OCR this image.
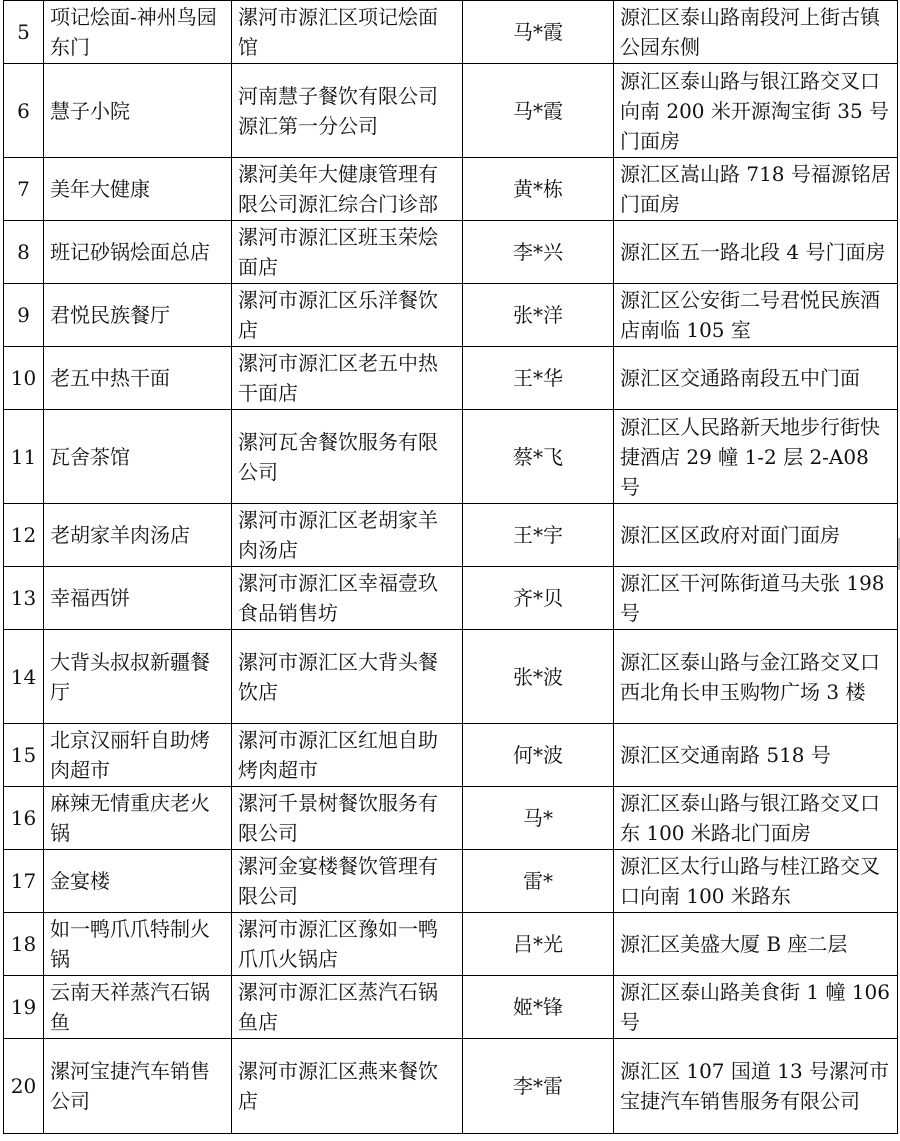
5	项记烩面-神州鸟园东门	漯河市源汇区项记烩面馆	马*霞	源汇区泰山路南段河上街古镇公园东侧
6	慧子小院	河南慧子餐饮有限公司源汇第一分公司	马*霞	源汇区泰山路与银江路交叉口向南 200 米开源淘宝街 35 号门面房
7	美年大健康	漯河美年大健康管理有限公司源汇综合门诊部	黄*栋	源汇区嵩山路 718 号福源铭居门面房
8	班记砂锅烩面总店	漯河市源汇区班玉荣烩面店	李*兴	源汇区五一路北段 4 号门面房
9	君悦民族餐厅	漯河市源汇区乐洋餐饮店	张*洋	源汇区公安街二号君悦民族酒店南临 105 室
10	老五中热干面	漯河市源汇区老五中热干面店	王*华	源汇区交通路南段五中门面
11	瓦舍茶馆	漯河瓦舍餐饮服务有限公司	蔡*飞	源汇区人民路新天地步行街快捷酒店 29 幢 1-2 层 2-A08 号
12	老胡家羊肉汤店	漯河市源汇区老胡家羊肉汤店	王*宇	源汇区区政府对面门面房
13	幸福西饼	漯河市源汇区幸福壹玖食品销售坊	齐*贝	源汇区干河陈街道马夫张 198 号
14	大背头叔叔新疆餐厅	漯河市源汇区大背头餐饮店	张*波	源汇区泰山路与金江路交叉口西北角长申玉购物广场 3 楼
15	北京汉丽轩自助烤肉超市	漯河市源汇区红旭自助烤肉超市	何*波	源汇区交通南路 518 号
16	麻辣无情重庆老火锅	漯河千景树餐饮服务有限公司	马*	源汇区泰山路与银江路交叉口东 100 米路北门面房
17	金宴楼	漯河金宴楼餐饮管理有限公司	雷*	源汇区太行山路与桂江路交叉口向南 100 米路东
18	如一鸭爪爪特制火锅	漯河市源汇区豫如一鸭爪爪火锅店	吕*光	源汇区美盛大厦 B 座二层
19	云南天祥蒸汽石锅鱼	漯河市源汇区蒸汽石锅鱼店	姬*锋	源汇区泰山路美食街 1 幢 106 号
20	漯河宝捷汽车销售公司	漯河市源汇区燕来餐饮店	李*雷	源汇区 107 国道 13 号漯河市宝捷汽车销售服务有限公司
